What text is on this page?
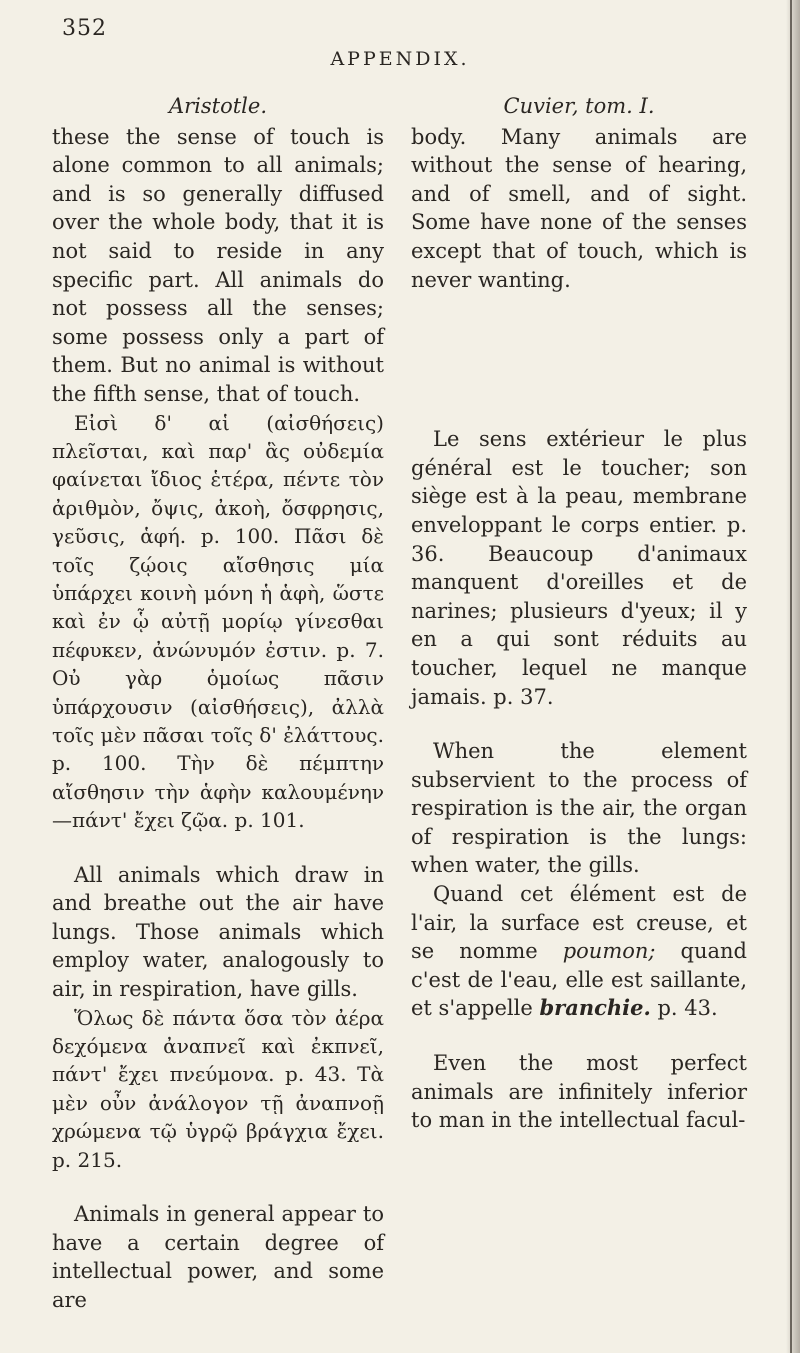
352
APPENDIX.
Aristotle.

these the sense of touch is alone common to all animals; and is so generally diffused over the whole body, that it is not said to reside in any specific part. All animals do not possess all the senses; some possess only a part of them. But no animal is without the fifth sense, that of touch.

Εἰσὶ δ' αἱ (αἰσθήσεις) πλεῖσται, καὶ παρ' ἃς οὐδεμία φαίνεται ἴδιος ἑτέρα, πέντε τὸν ἀριθμὸν, ὄψις, ἀκοὴ, ὄσφρησις, γεῦσις, ἁφή. p. 100. Πᾶσι δὲ τοῖς ζῴοις αἴσθησις μία ὑπάρχει κοινὴ μόνη ἡ ἁφὴ, ὥστε καὶ ἐν ᾧ αὐτῇ μορίῳ γίνεσθαι πέφυκεν, ἀνώνυμόν ἐστιν. p. 7. Οὐ γὰρ ὁμοίως πᾶσιν ὑπάρχουσιν (αἰσθήσεις), ἀλλὰ τοῖς μὲν πᾶσαι τοῖς δ' ἐλάττους. p. 100. Τὴν δὲ πέμπτην αἴσθησιν τὴν ἁφὴν καλουμένην—πάντ' ἔχει ζῷα. p. 101.

All animals which draw in and breathe out the air have lungs. Those animals which employ water, analogously to air, in respiration, have gills.

Ὅλως δὲ πάντα ὅσα τὸν ἀέρα δεχόμενα ἀναπνεῖ καὶ ἐκπνεῖ, πάντ' ἔχει πνεύμονα. p. 43. Τὰ μὲν οὖν ἀνάλογον τῇ ἀναπνοῇ χρώμενα τῷ ὑγρῷ βράγχια ἔχει. p. 215.

Animals in general appear to have a certain degree of intellectual power, and some are

Cuvier, tom. I.

body. Many animals are without the sense of hearing, and of smell, and of sight. Some have none of the senses except that of touch, which is never wanting.

Le sens extérieur le plus général est le toucher; son siège est à la peau, membrane enveloppant le corps entier. p. 36. Beaucoup d'animaux manquent d'oreilles et de narines; plusieurs d'yeux; il y en a qui sont réduits au toucher, lequel ne manque jamais. p. 37.

When the element subservient to the process of respiration is the air, the organ of respiration is the lungs: when water, the gills.

Quand cet élément est de l'air, la surface est creuse, et se nomme poumon; quand c'est de l'eau, elle est saillante, et s'appelle branchie. p. 43.

Even the most perfect animals are infinitely inferior to man in the intellectual facul-
